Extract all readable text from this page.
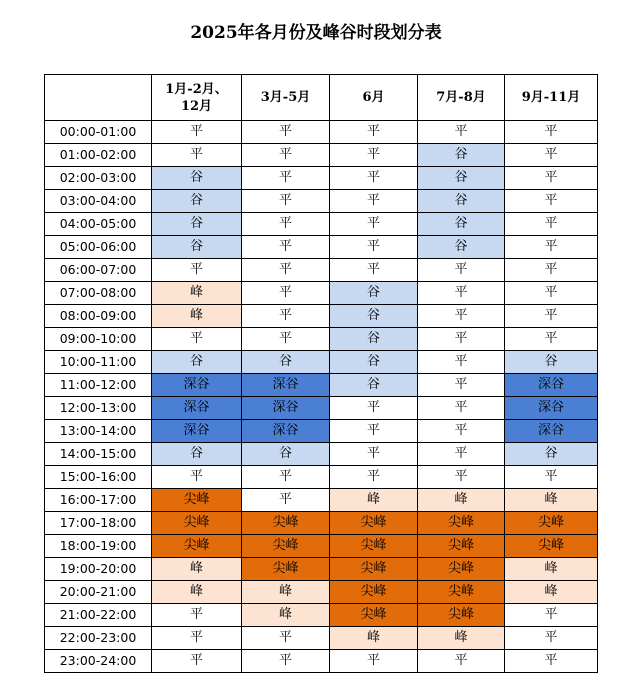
2025年各月份及峰谷时段划分表
	1月-2月、12月	3月-5月	6月	7月-8月	9月-11月
00:00-01:00	平	平	平	平	平
01:00-02:00	平	平	平	谷	平
02:00-03:00	谷	平	平	谷	平
03:00-04:00	谷	平	平	谷	平
04:00-05:00	谷	平	平	谷	平
05:00-06:00	谷	平	平	谷	平
06:00-07:00	平	平	平	平	平
07:00-08:00	峰	平	谷	平	平
08:00-09:00	峰	平	谷	平	平
09:00-10:00	平	平	谷	平	平
10:00-11:00	谷	谷	谷	平	谷
11:00-12:00	深谷	深谷	谷	平	深谷
12:00-13:00	深谷	深谷	平	平	深谷
13:00-14:00	深谷	深谷	平	平	深谷
14:00-15:00	谷	谷	平	平	谷
15:00-16:00	平	平	平	平	平
16:00-17:00	尖峰	平	峰	峰	峰
17:00-18:00	尖峰	尖峰	尖峰	尖峰	尖峰
18:00-19:00	尖峰	尖峰	尖峰	尖峰	尖峰
19:00-20:00	峰	尖峰	尖峰	尖峰	峰
20:00-21:00	峰	峰	尖峰	尖峰	峰
21:00-22:00	平	峰	尖峰	尖峰	平
22:00-23:00	平	平	峰	峰	平
23:00-24:00	平	平	平	平	平
